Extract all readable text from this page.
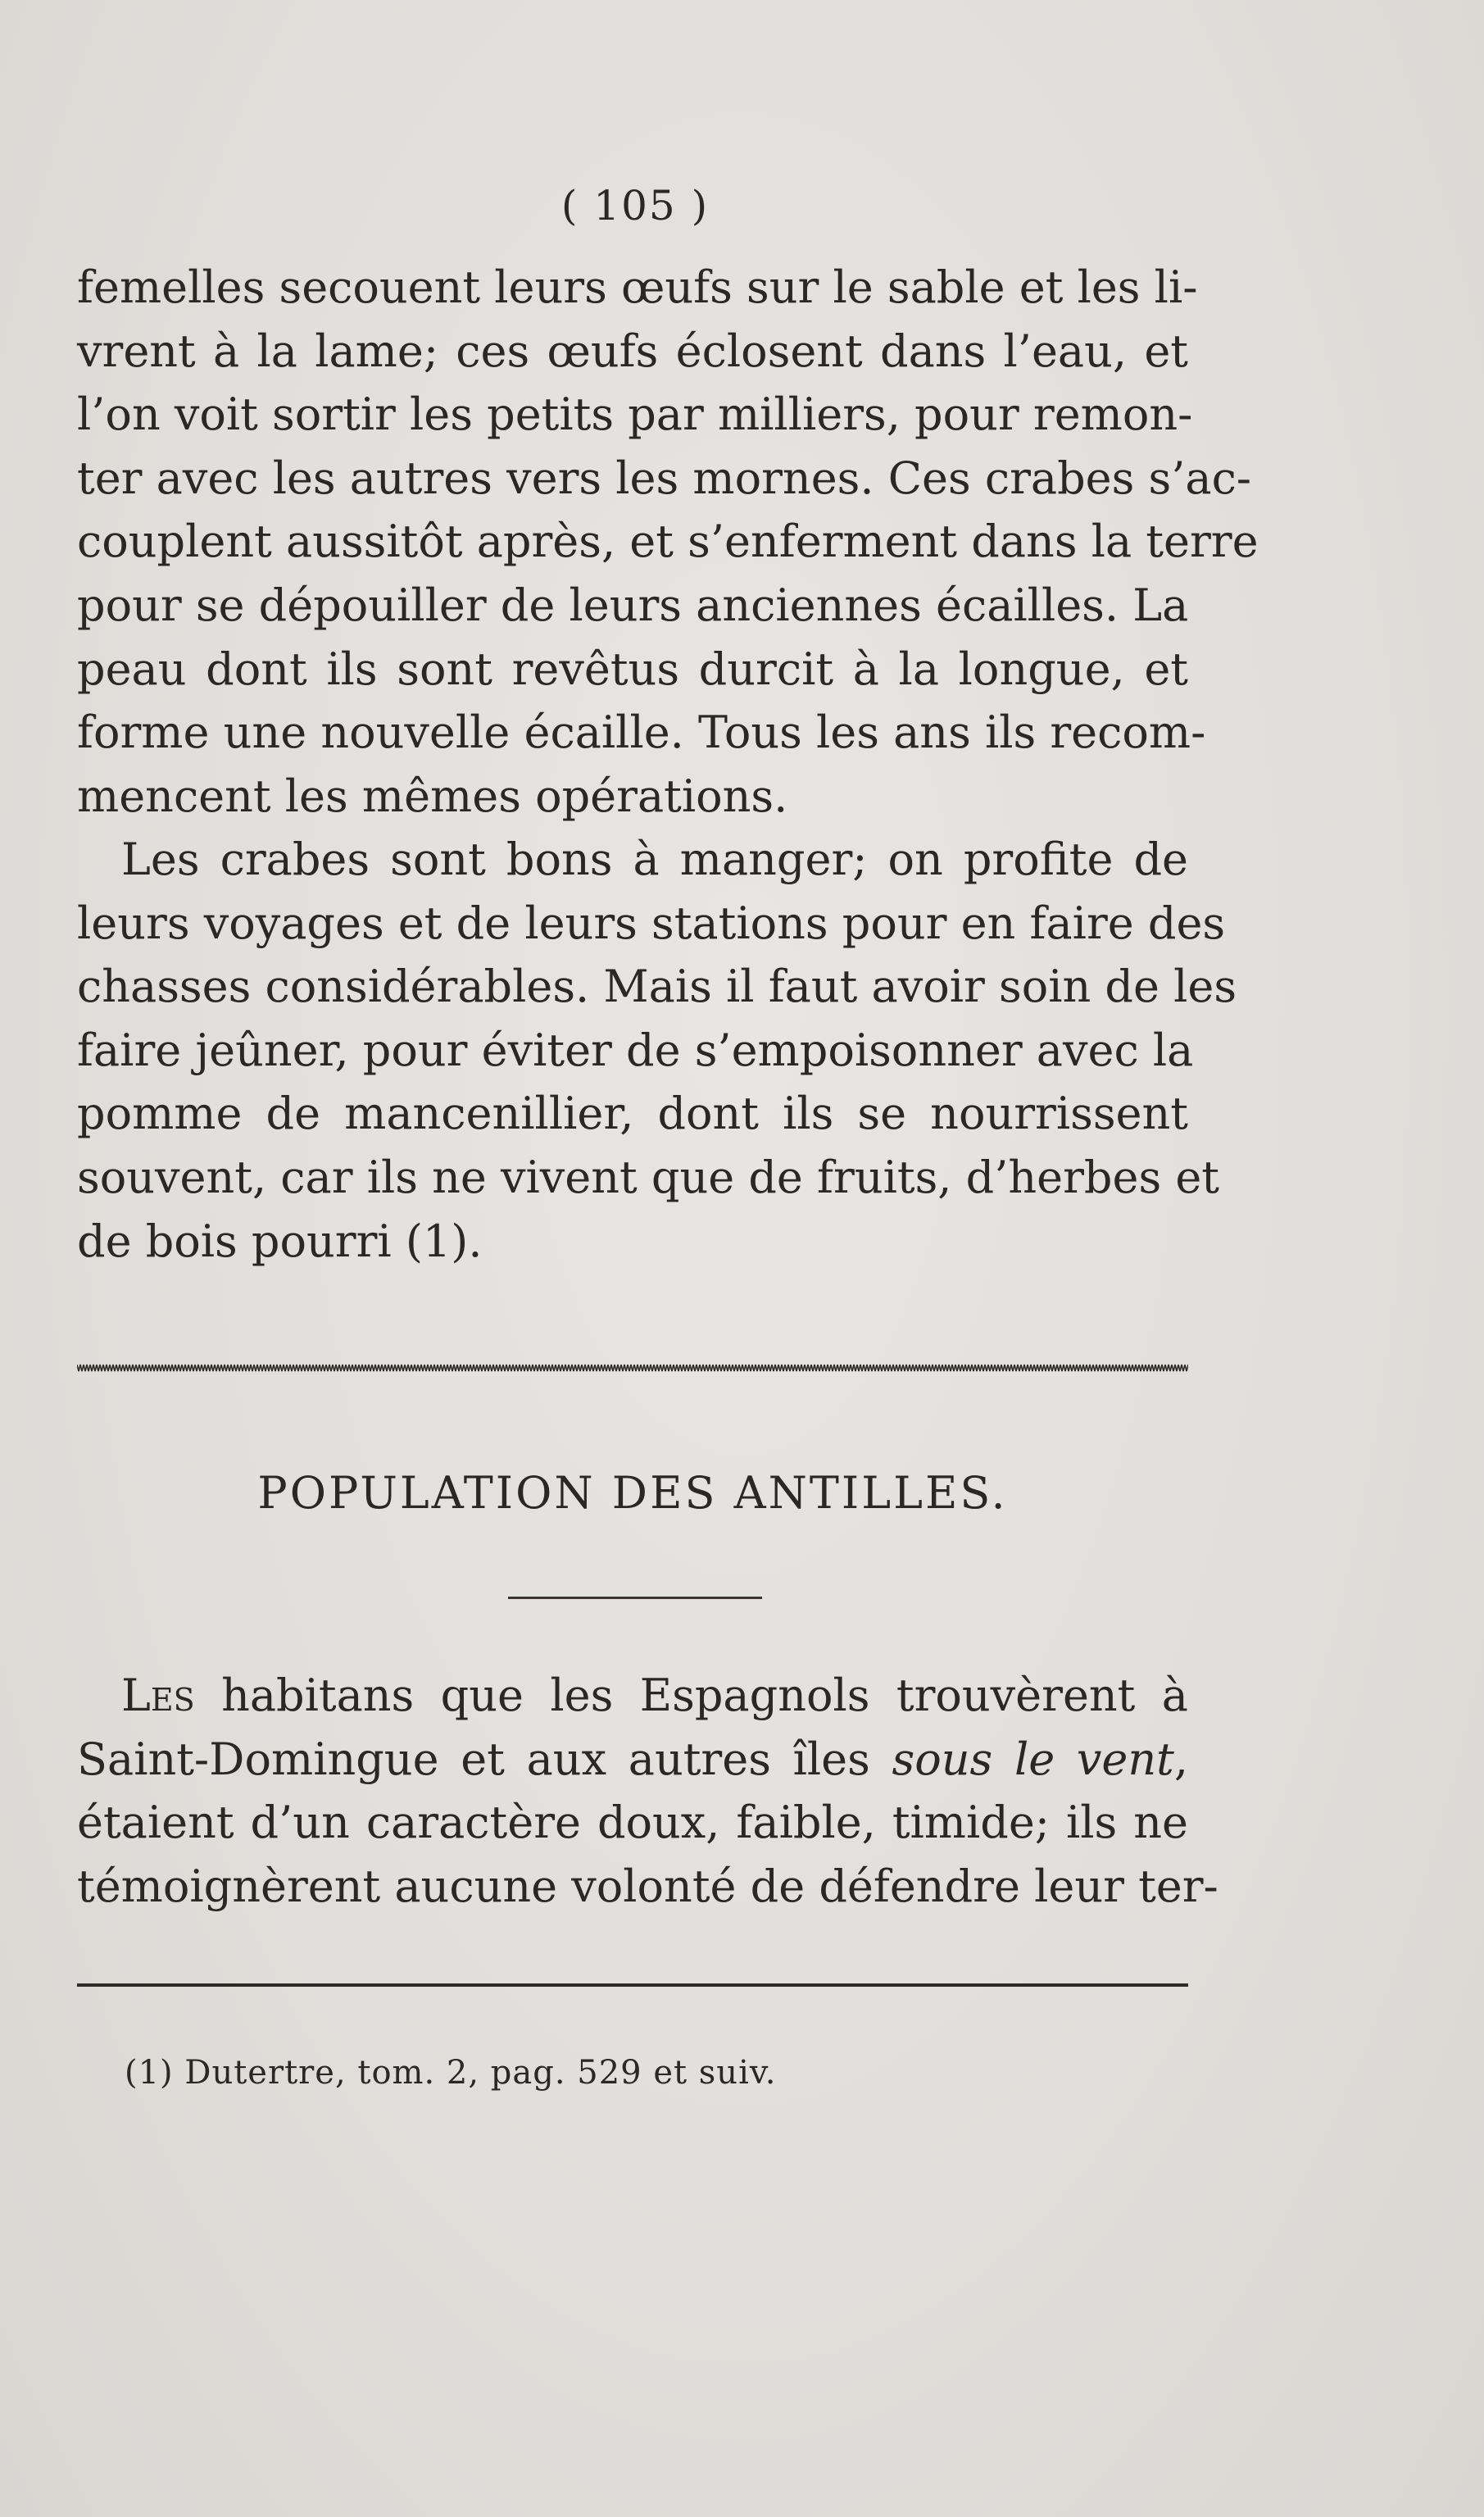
( 105 )
femelles secouent leurs œufs sur le sable et les li-
vrent à la lame; ces œufs éclosent dans l’eau, et
l’on voit sortir les petits par milliers, pour remon-
ter avec les autres vers les mornes. Ces crabes s’ac-
couplent aussitôt après, et s’enferment dans la terre
pour se dépouiller de leurs anciennes écailles. La
peau dont ils sont revêtus durcit à la longue, et
forme une nouvelle écaille. Tous les ans ils recom-
mencent les mêmes opérations.
Les crabes sont bons à manger; on profite de
leurs voyages et de leurs stations pour en faire des
chasses considérables. Mais il faut avoir soin de les
faire jeûner, pour éviter de s’empoisonner avec la
pomme de mancenillier, dont ils se nourrissent
souvent, car ils ne vivent que de fruits, d’herbes et
de bois pourri (1).
POPULATION DES ANTILLES.
Les habitans que les Espagnols trouvèrent à
Saint-Domingue et aux autres îles sous le vent,
étaient d’un caractère doux, faible, timide; ils ne
témoignèrent aucune volonté de défendre leur ter-
(1) Dutertre, tom. 2, pag. 529 et suiv.
